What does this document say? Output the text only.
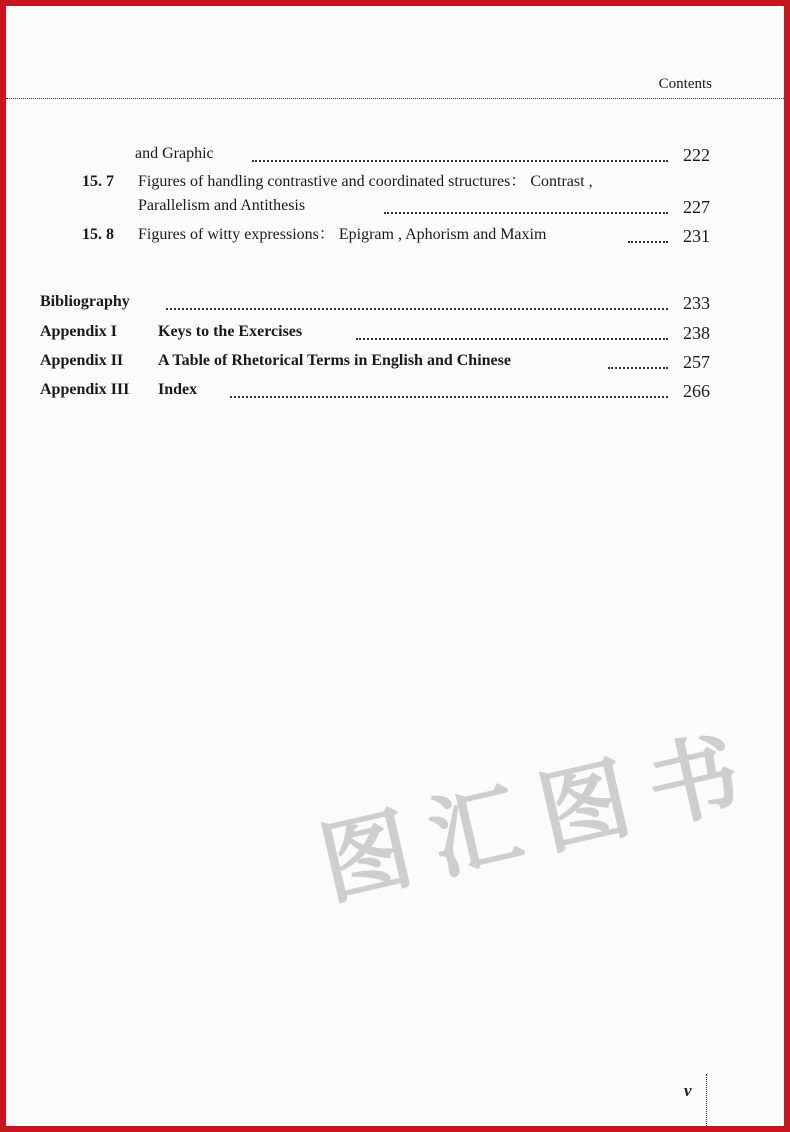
Contents
and Graphic	222
15. 7 Figures of handling contrastive and coordinated structures： Contrast ,
Parallelism and Antithesis	227
15. 8 Figures of witty expressions： Epigram , Aphorism and Maxim	231
Bibliography	233
Appendix I	Keys to the Exercises	238
Appendix II A Table of Rhetorical Terms in English and Chinese	257
Appendix III Index	266
图汇图书
v
